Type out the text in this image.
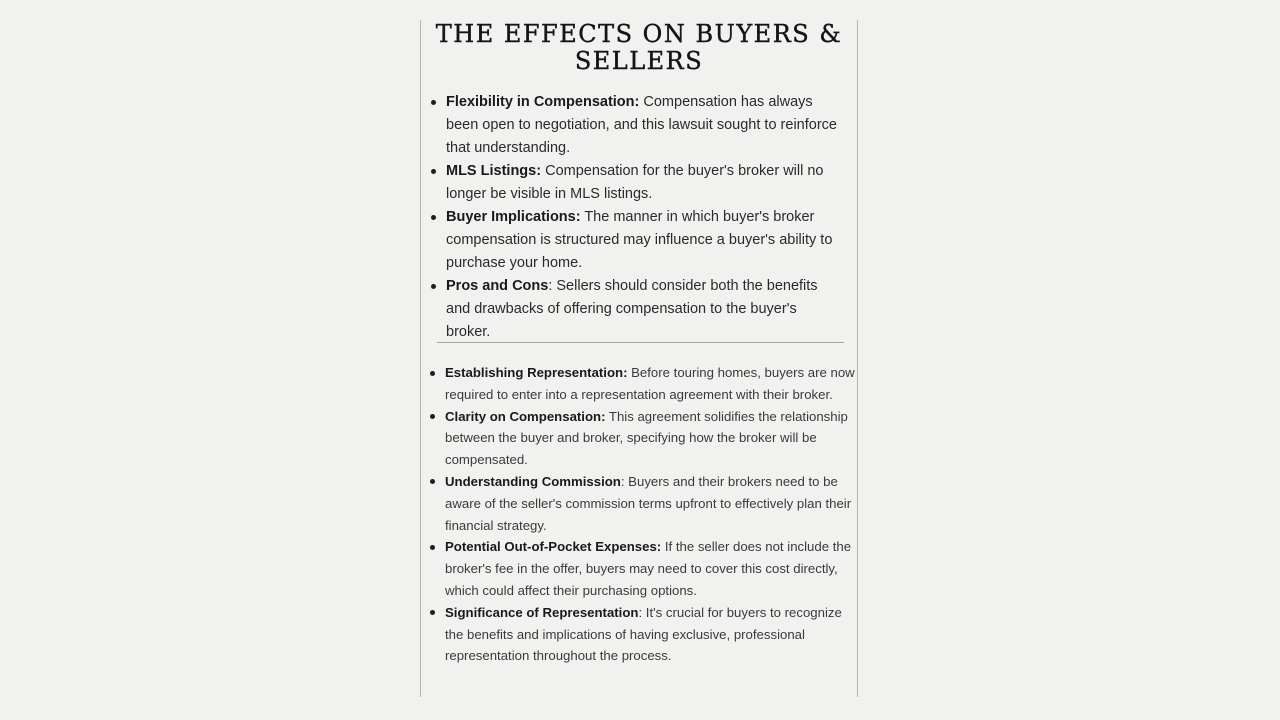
THE EFFECTS ON BUYERS & SELLERS
Flexibility in Compensation: Compensation has always been open to negotiation, and this lawsuit sought to reinforce that understanding.
MLS Listings: Compensation for the buyer's broker will no longer be visible in MLS listings.
Buyer Implications: The manner in which buyer's broker compensation is structured may influence a buyer's ability to purchase your home.
Pros and Cons: Sellers should consider both the benefits and drawbacks of offering compensation to the buyer's broker.
Establishing Representation: Before touring homes, buyers are now required to enter into a representation agreement with their broker.
Clarity on Compensation: This agreement solidifies the relationship between the buyer and broker, specifying how the broker will be compensated.
Understanding Commission: Buyers and their brokers need to be aware of the seller's commission terms upfront to effectively plan their financial strategy.
Potential Out-of-Pocket Expenses: If the seller does not include the broker's fee in the offer, buyers may need to cover this cost directly, which could affect their purchasing options.
Significance of Representation: It's crucial for buyers to recognize the benefits and implications of having exclusive, professional representation throughout the process.
